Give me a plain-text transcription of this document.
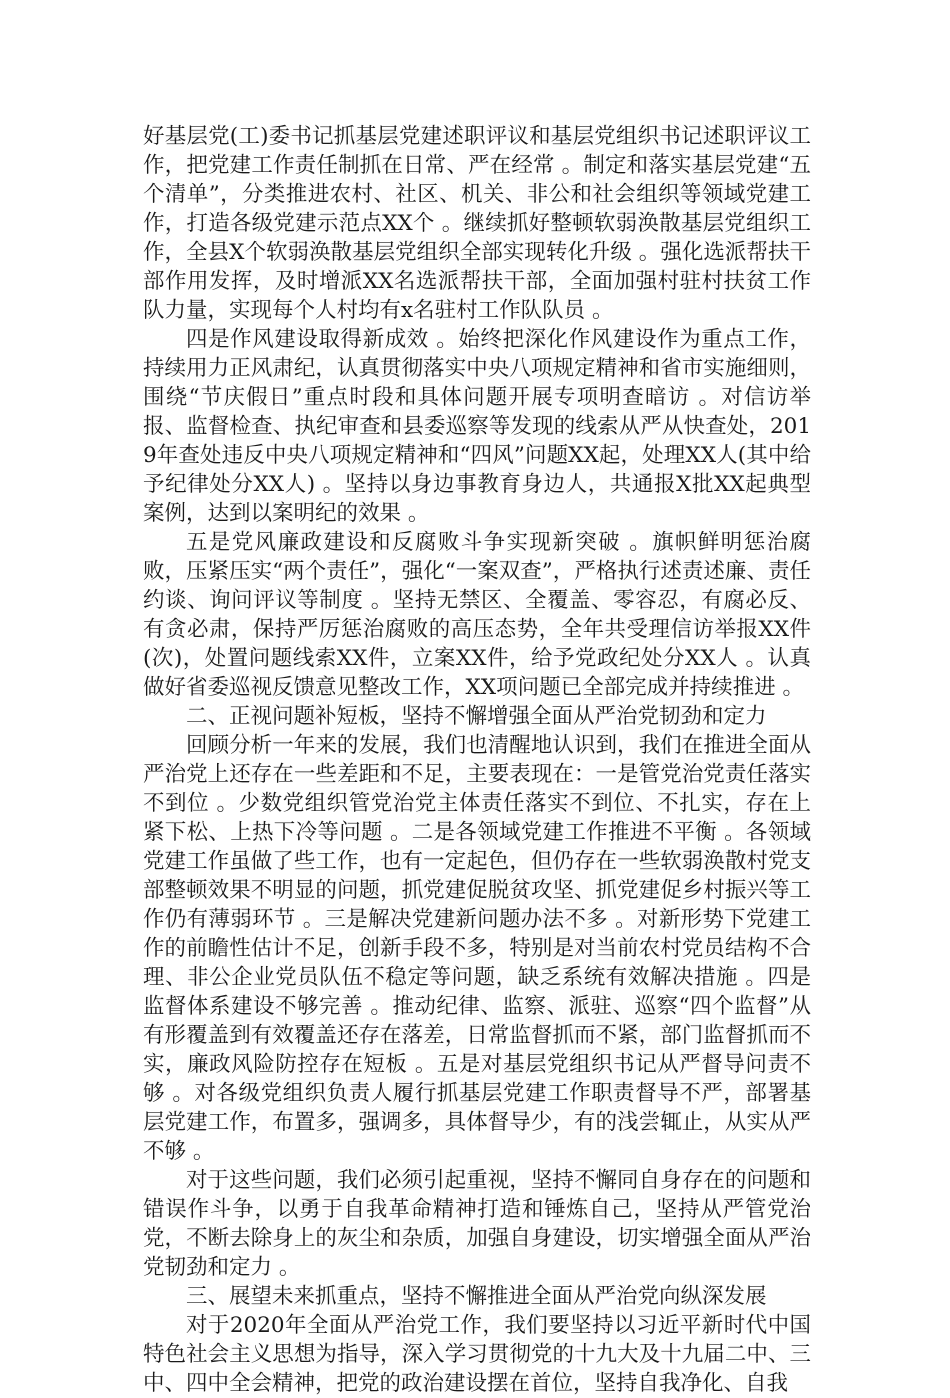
好基层党(工)委书记抓基层党建述职评议和基层党组织书记述职评议工作，把党建工作责任制抓在日常、严在经常 。制定和落实基层党建“五个清单”，分类推进农村、社区、机关、非公和社会组织等领域党建工作，打造各级党建示范点XX个 。继续抓好整顿软弱涣散基层党组织工作，全县X个软弱涣散基层党组织全部实现转化升级 。强化选派帮扶干部作用发挥，及时增派XX名选派帮扶干部，全面加强村驻村扶贫工作队力量，实现每个人村均有x名驻村工作队队员 。

四是作风建设取得新成效 。始终把深化作风建设作为重点工作，持续用力正风肃纪，认真贯彻落实中央八项规定精神和省市实施细则，围绕“节庆假日”重点时段和具体问题开展专项明查暗访 。对信访举报、监督检查、执纪审查和县委巡察等发现的线索从严从快查处，2019年查处违反中央八项规定精神和“四风”问题XX起，处理XX人(其中给予纪律处分XX人) 。坚持以身边事教育身边人，共通报X批XX起典型案例，达到以案明纪的效果 。

五是党风廉政建设和反腐败斗争实现新突破 。旗帜鲜明惩治腐败，压紧压实“两个责任”，强化“一案双查”，严格执行述责述廉、责任约谈、询问评议等制度 。坚持无禁区、全覆盖、零容忍，有腐必反、有贪必肃，保持严厉惩治腐败的高压态势，全年共受理信访举报XX件(次)，处置问题线索XX件，立案XX件，给予党政纪处分XX人 。认真做好省委巡视反馈意见整改工作，XX项问题已全部完成并持续推进 。

二、正视问题补短板，坚持不懈增强全面从严治党韧劲和定力

回顾分析一年来的发展，我们也清醒地认识到，我们在推进全面从严治党上还存在一些差距和不足，主要表现在：一是管党治党责任落实不到位 。少数党组织管党治党主体责任落实不到位、不扎实，存在上紧下松、上热下冷等问题 。二是各领域党建工作推进不平衡 。各领域党建工作虽做了些工作，也有一定起色，但仍存在一些软弱涣散村党支部整顿效果不明显的问题，抓党建促脱贫攻坚、抓党建促乡村振兴等工作仍有薄弱环节 。三是解决党建新问题办法不多 。对新形势下党建工作的前瞻性估计不足，创新手段不多，特别是对当前农村党员结构不合理、非公企业党员队伍不稳定等问题，缺乏系统有效解决措施 。四是监督体系建设不够完善 。推动纪律、监察、派驻、巡察“四个监督”从有形覆盖到有效覆盖还存在落差，日常监督抓而不紧，部门监督抓而不实，廉政风险防控存在短板 。五是对基层党组织书记从严督导问责不够 。对各级党组织负责人履行抓基层党建工作职责督导不严，部署基层党建工作，布置多，强调多，具体督导少，有的浅尝辄止，从实从严不够 。

对于这些问题，我们必须引起重视，坚持不懈同自身存在的问题和错误作斗争，以勇于自我革命精神打造和锤炼自己，坚持从严管党治党，不断去除身上的灰尘和杂质，加强自身建设，切实增强全面从严治党韧劲和定力 。

三、展望未来抓重点，坚持不懈推进全面从严治党向纵深发展

对于2020年全面从严治党工作，我们要坚持以习近平新时代中国特色社会主义思想为指导，深入学习贯彻党的十九大及十九届二中、三中、四中全会精神，把党的政治建设摆在首位，坚持自我净化、自我
